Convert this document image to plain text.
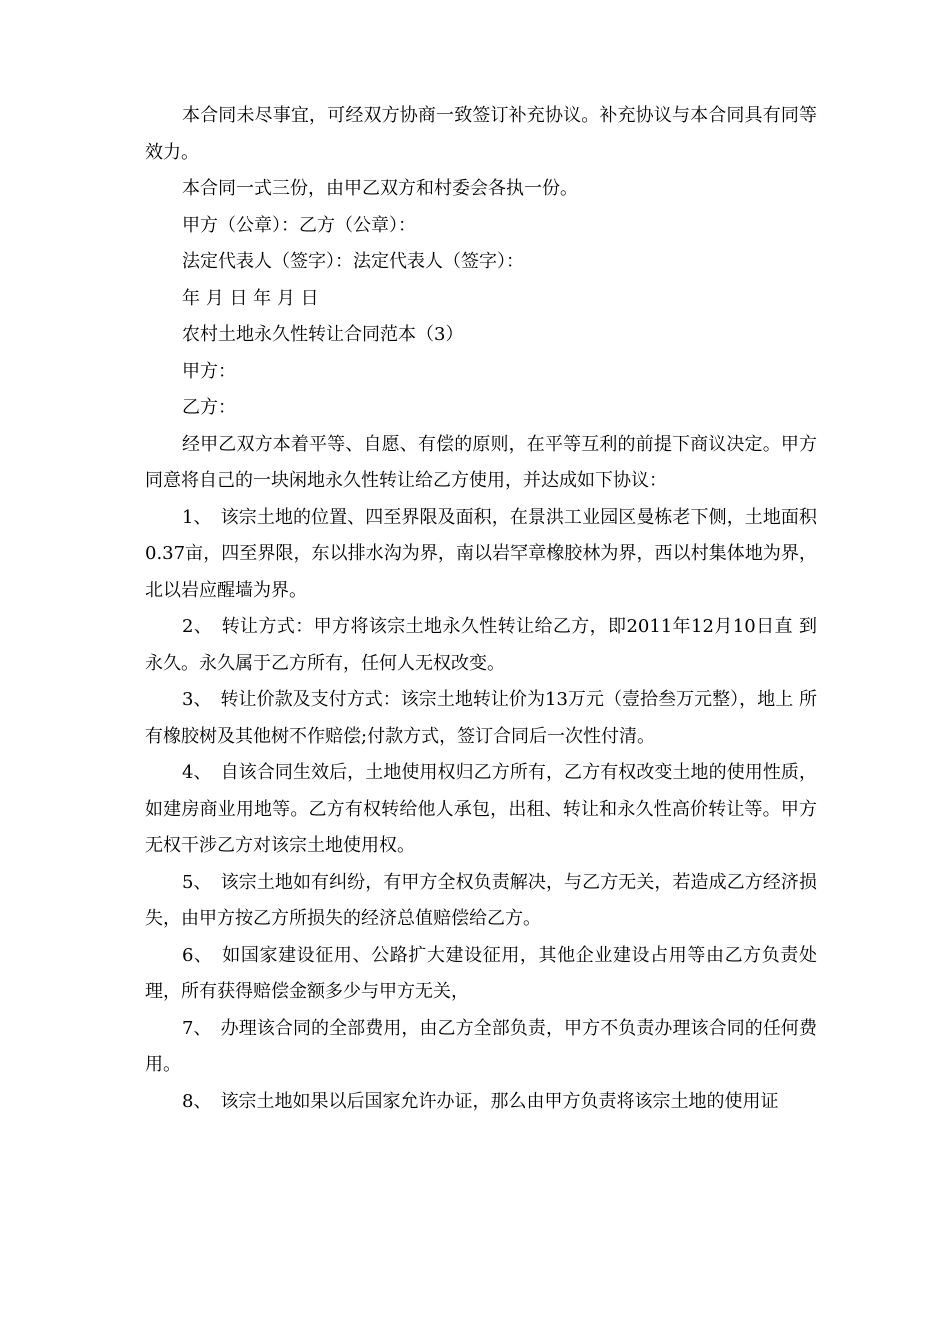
本合同未尽事宜，可经双方协商一致签订补充协议。补充协议与本合同具有同等效力。

本合同一式三份，由甲乙双方和村委会各执一份。

甲方（公章）：乙方（公章）：

法定代表人（签字）：法定代表人（签字）：

年 月 日 年 月 日

农村土地永久性转让合同范本（3）

甲方：

乙方：

经甲乙双方本着平等、自愿、有偿的原则，在平等互利的前提下商议决定。甲方同意将自己的一块闲地永久性转让给乙方使用，并达成如下协议：

1、　该宗土地的位置、四至界限及面积，在景洪工业园区曼栋老下侧，土地面积0.37亩，四至界限，东以排水沟为界，南以岩罕章橡胶林为界，西以村集体地为界，北以岩应醒墙为界。

2、　转让方式：甲方将该宗土地永久性转让给乙方，即2011年12月10日直 到永久。永久属于乙方所有，任何人无权改变。

3、　转让价款及支付方式：该宗土地转让价为13万元（壹拾叁万元整），地上 所有橡胶树及其他树不作赔偿;付款方式，签订合同后一次性付清。

4、　自该合同生效后，土地使用权归乙方所有，乙方有权改变土地的使用性质，如建房商业用地等。乙方有权转给他人承包，出租、转让和永久性高价转让等。甲方无权干涉乙方对该宗土地使用权。

5、　该宗土地如有纠纷，有甲方全权负责解决，与乙方无关，若造成乙方经济损失，由甲方按乙方所损失的经济总值赔偿给乙方。

6、　如国家建设征用、公路扩大建设征用，其他企业建设占用等由乙方负责处理，所有获得赔偿金额多少与甲方无关，

7、　办理该合同的全部费用，由乙方全部负责，甲方不负责办理该合同的任何费用。

8、　该宗土地如果以后国家允许办证，那么由甲方负责将该宗土地的使用证
